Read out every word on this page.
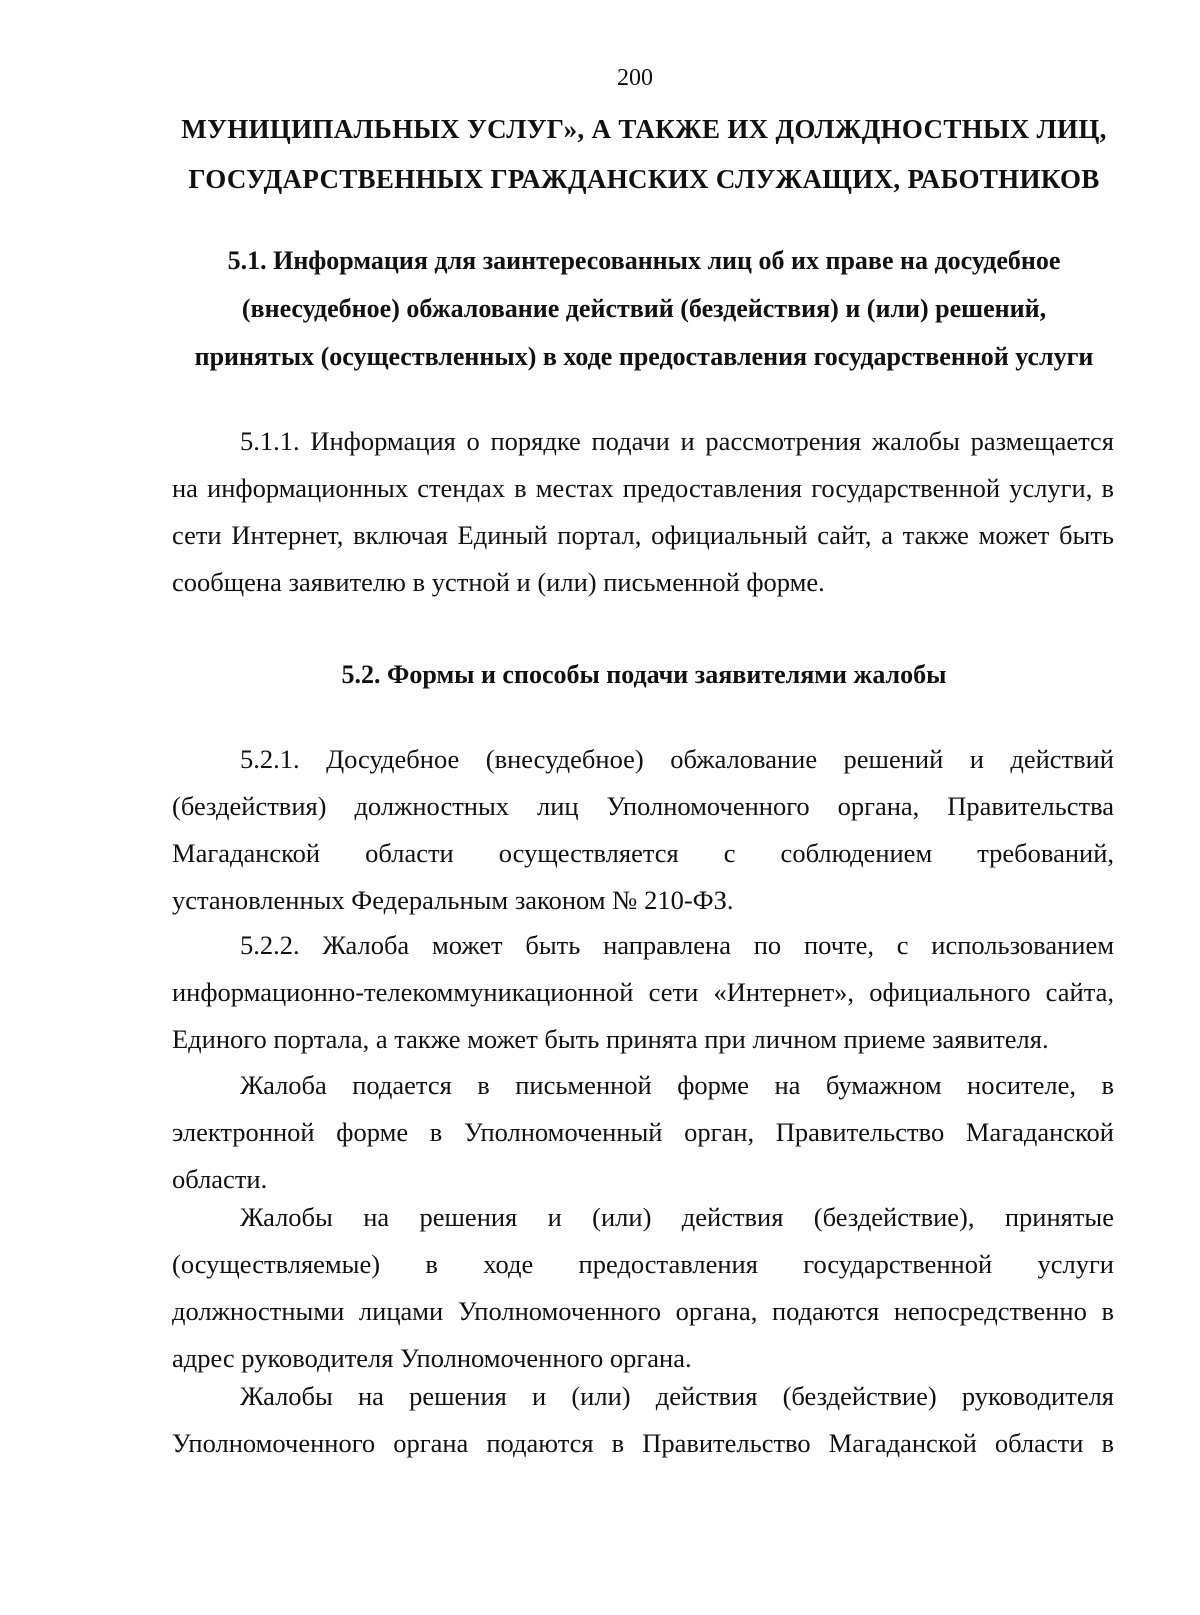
200
МУНИЦИПАЛЬНЫХ УСЛУГ», А ТАКЖЕ ИХ ДОЛЖДНОСТНЫХ ЛИЦ,
ГОСУДАРСТВЕННЫХ ГРАЖДАНСКИХ СЛУЖАЩИХ, РАБОТНИКОВ
5.1. Информация для заинтересованных лиц об их праве на досудебное
(внесудебное) обжалование действий (бездействия) и (или) решений,
принятых (осуществленных) в ходе предоставления государственной услуги
5.1.1. Информация о порядке подачи и рассмотрения жалобы размещается
на информационных стендах в местах предоставления государственной услуги, в
сети Интернет, включая Единый портал, официальный сайт, а также может быть
сообщена заявителю в устной и (или) письменной форме.
5.2. Формы и способы подачи заявителями жалобы
5.2.1. Досудебное (внесудебное) обжалование решений и действий
(бездействия) должностных лиц Уполномоченного органа, Правительства
Магаданской области осуществляется с соблюдением требований,
установленных Федеральным законом № 210-ФЗ.
5.2.2. Жалоба может быть направлена по почте, с использованием
информационно-телекоммуникационной сети «Интернет», официального сайта,
Единого портала, а также может быть принята при личном приеме заявителя.
Жалоба подается в письменной форме на бумажном носителе, в
электронной форме в Уполномоченный орган, Правительство Магаданской
области.
Жалобы на решения и (или) действия (бездействие), принятые
(осуществляемые) в ходе предоставления государственной услуги
должностными лицами Уполномоченного органа, подаются непосредственно в
адрес руководителя Уполномоченного органа.
Жалобы на решения и (или) действия (бездействие) руководителя
Уполномоченного органа подаются в Правительство Магаданской области в
